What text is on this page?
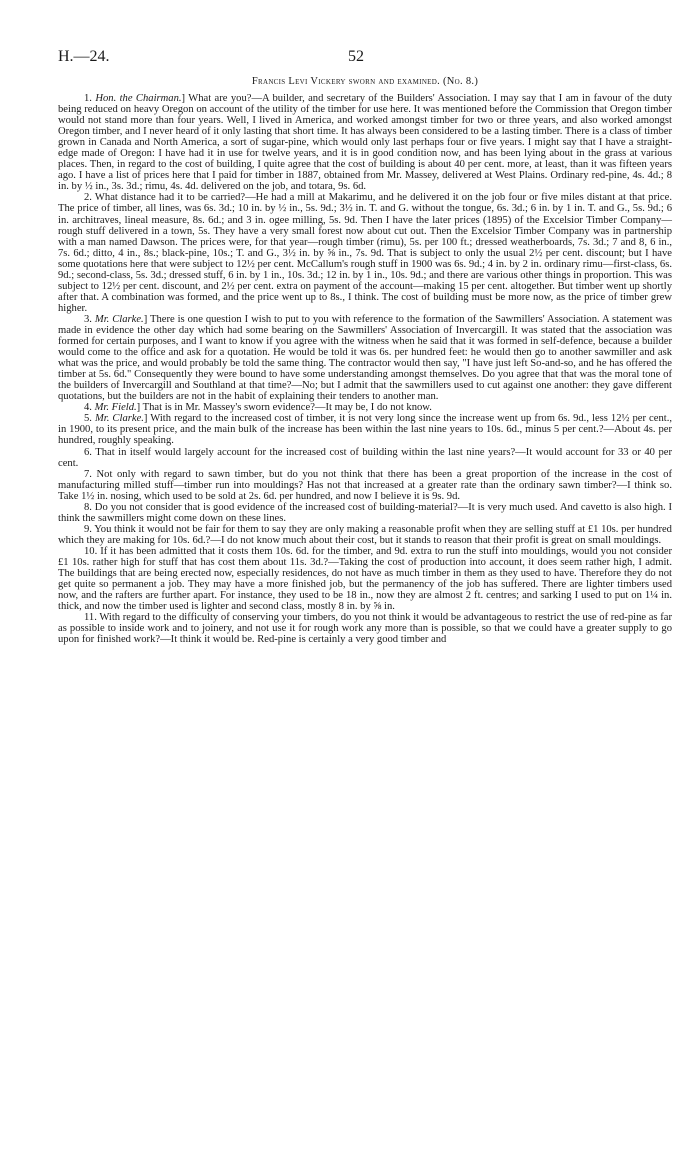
H.—24.	52
Francis Levi Vickery sworn and examined. (No. 8.)

1. Hon. the Chairman.] What are you?—A builder, and secretary of the Builders' Association. I may say that I am in favour of the duty being reduced on heavy Oregon on account of the utility of the timber for use here. It was mentioned before the Commission that Oregon timber would not stand more than four years. Well, I lived in America, and worked amongst timber for two or three years, and also worked amongst Oregon timber, and I never heard of it only lasting that short time. It has always been considered to be a lasting timber. There is a class of timber grown in Canada and North America, a sort of sugar-pine, which would only last perhaps four or five years. I might say that I have a straight-edge made of Oregon: I have had it in use for twelve years, and it is in good condition now, and has been lying about in the grass at various places. Then, in regard to the cost of building, I quite agree that the cost of building is about 40 per cent. more, at least, than it was fifteen years ago. I have a list of prices here that I paid for timber in 1887, obtained from Mr. Massey, delivered at West Plains. Ordinary red-pine, 4s. 4d.; 8 in. by ½ in., 3s. 3d.; rimu, 4s. 4d. delivered on the job, and totara, 9s. 6d.

2. What distance had it to be carried?—He had a mill at Makarimu, and he delivered it on the job four or five miles distant at that price. The price of timber, all lines, was 6s. 3d.; 10 in. by ½ in., 5s. 9d.; 3½ in. T. and G. without the tongue, 6s. 3d.; 6 in. by 1 in. T. and G., 5s. 9d.; 6 in. architraves, lineal measure, 8s. 6d.; and 3 in. ogee milling, 5s. 9d. Then I have the later prices (1895) of the Excelsior Timber Company—rough stuff delivered in a town, 5s. They have a very small forest now about cut out. Then the Excelsior Timber Company was in partnership with a man named Dawson. The prices were, for that year—rough timber (rimu), 5s. per 100 ft.; dressed weatherboards, 7s. 3d.; 7 and 8, 6 in., 7s. 6d.; ditto, 4 in., 8s.; black-pine, 10s.; T. and G., 3½ in. by ⅝ in., 7s. 9d. That is subject to only the usual 2½ per cent. discount; but I have some quotations here that were subject to 12½ per cent. McCallum's rough stuff in 1900 was 6s. 9d.; 4 in. by 2 in. ordinary rimu—first-class, 6s. 9d.; second-class, 5s. 3d.; dressed stuff, 6 in. by 1 in., 10s. 3d.; 12 in. by 1 in., 10s. 9d.; and there are various other things in proportion. This was subject to 12½ per cent. discount, and 2½ per cent. extra on payment of the account—making 15 per cent. altogether. But timber went up shortly after that. A combination was formed, and the price went up to 8s., I think. The cost of building must be more now, as the price of timber grew higher.

3. Mr. Clarke.] There is one question I wish to put to you with reference to the formation of the Sawmillers' Association. A statement was made in evidence the other day which had some bearing on the Sawmillers' Association of Invercargill. It was stated that the association was formed for certain purposes, and I want to know if you agree with the witness when he said that it was formed in self-defence, because a builder would come to the office and ask for a quotation. He would be told it was 6s. per hundred feet: he would then go to another sawmiller and ask what was the price, and would probably be told the same thing. The contractor would then say, "I have just left So-and-so, and he has offered the timber at 5s. 6d." Consequently they were bound to have some understanding amongst themselves. Do you agree that that was the moral tone of the builders of Invercargill and Southland at that time?—No; but I admit that the sawmillers used to cut against one another: they gave different quotations, but the builders are not in the habit of explaining their tenders to another man.

4. Mr. Field.] That is in Mr. Massey's sworn evidence?—It may be, I do not know.

5. Mr. Clarke.] With regard to the increased cost of timber, it is not very long since the increase went up from 6s. 9d., less 12½ per cent., in 1900, to its present price, and the main bulk of the increase has been within the last nine years to 10s. 6d., minus 5 per cent.?—About 4s. per hundred, roughly speaking.

6. That in itself would largely account for the increased cost of building within the last nine years?—It would account for 33 or 40 per cent.

7. Not only with regard to sawn timber, but do you not think that there has been a great proportion of the increase in the cost of manufacturing milled stuff—timber run into mouldings? Has not that increased at a greater rate than the ordinary sawn timber?—I think so. Take 1½ in. nosing, which used to be sold at 2s. 6d. per hundred, and now I believe it is 9s. 9d.

8. Do you not consider that is good evidence of the increased cost of building-material?—It is very much used. And cavetto is also high. I think the sawmillers might come down on these lines.

9. You think it would not be fair for them to say they are only making a reasonable profit when they are selling stuff at £1 10s. per hundred which they are making for 10s. 6d.?—I do not know much about their cost, but it stands to reason that their profit is great on small mouldings.

10. If it has been admitted that it costs them 10s. 6d. for the timber, and 9d. extra to run the stuff into mouldings, would you not consider £1 10s. rather high for stuff that has cost them about 11s. 3d.?—Taking the cost of production into account, it does seem rather high, I admit. The buildings that are being erected now, especially residences, do not have as much timber in them as they used to have. Therefore they do not get quite so permanent a job. They may have a more finished job, but the permanency of the job has suffered. There are lighter timbers used now, and the rafters are further apart. For instance, they used to be 18 in., now they are almost 2 ft. centres; and sarking I used to put on 1¼ in. thick, and now the timber used is lighter and second class, mostly 8 in. by ⅝ in.

11. With regard to the difficulty of conserving your timbers, do you not think it would be advantageous to restrict the use of red-pine as far as possible to inside work and to joinery, and not use it for rough work any more than is possible, so that we could have a greater supply to go upon for finished work?—It think it would be. Red-pine is certainly a very good timber and
